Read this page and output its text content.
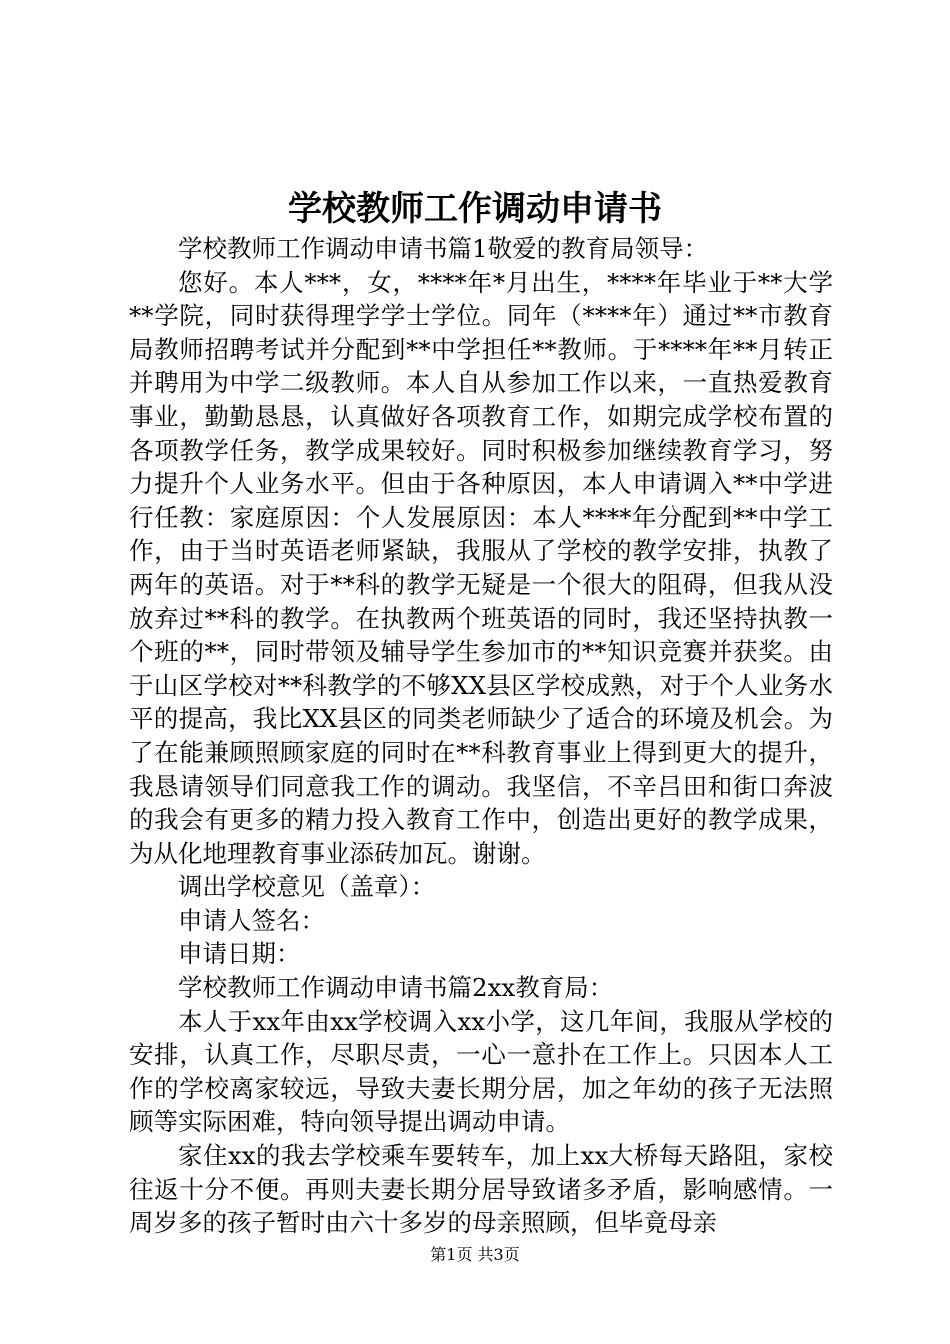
学校教师工作调动申请书

学校教师工作调动申请书篇1敬爱的教育局领导：

您好。本人***，女，****年*月出生，****年毕业于**大学**学院，同时获得理学学士学位。同年（****年）通过**市教育局教师招聘考试并分配到**中学担任**教师。于****年**月转正并聘用为中学二级教师。本人自从参加工作以来，一直热爱教育事业，勤勤恳恳，认真做好各项教育工作，如期完成学校布置的各项教学任务，教学成果较好。同时积极参加继续教育学习，努力提升个人业务水平。但由于各种原因，本人申请调入**中学进行任教：家庭原因：个人发展原因：本人****年分配到**中学工作，由于当时英语老师紧缺，我服从了学校的教学安排，执教了两年的英语。对于**科的教学无疑是一个很大的阻碍，但我从没放弃过**科的教学。在执教两个班英语的同时，我还坚持执教一个班的**，同时带领及辅导学生参加市的**知识竞赛并获奖。由于山区学校对**科教学的不够XX县区学校成熟，对于个人业务水平的提高，我比XX县区的同类老师缺少了适合的环境及机会。为了在能兼顾照顾家庭的同时在**科教育事业上得到更大的提升，我恳请领导们同意我工作的调动。我坚信，不辛吕田和街口奔波的我会有更多的精力投入教育工作中，创造出更好的教学成果，为从化地理教育事业添砖加瓦。谢谢。

调出学校意见（盖章）：

申请人签名：

申请日期：

学校教师工作调动申请书篇2xx教育局：

本人于xx年由xx学校调入xx小学，这几年间，我服从学校的安排，认真工作，尽职尽责，一心一意扑在工作上。只因本人工作的学校离家较远，导致夫妻长期分居，加之年幼的孩子无法照顾等实际困难，特向领导提出调动申请。

家住xx的我去学校乘车要转车，加上xx大桥每天路阻，家校往返十分不便。再则夫妻长期分居导致诸多矛盾，影响感情。一周岁多的孩子暂时由六十多岁的母亲照顾，但毕竟母亲

第1页 共3页
